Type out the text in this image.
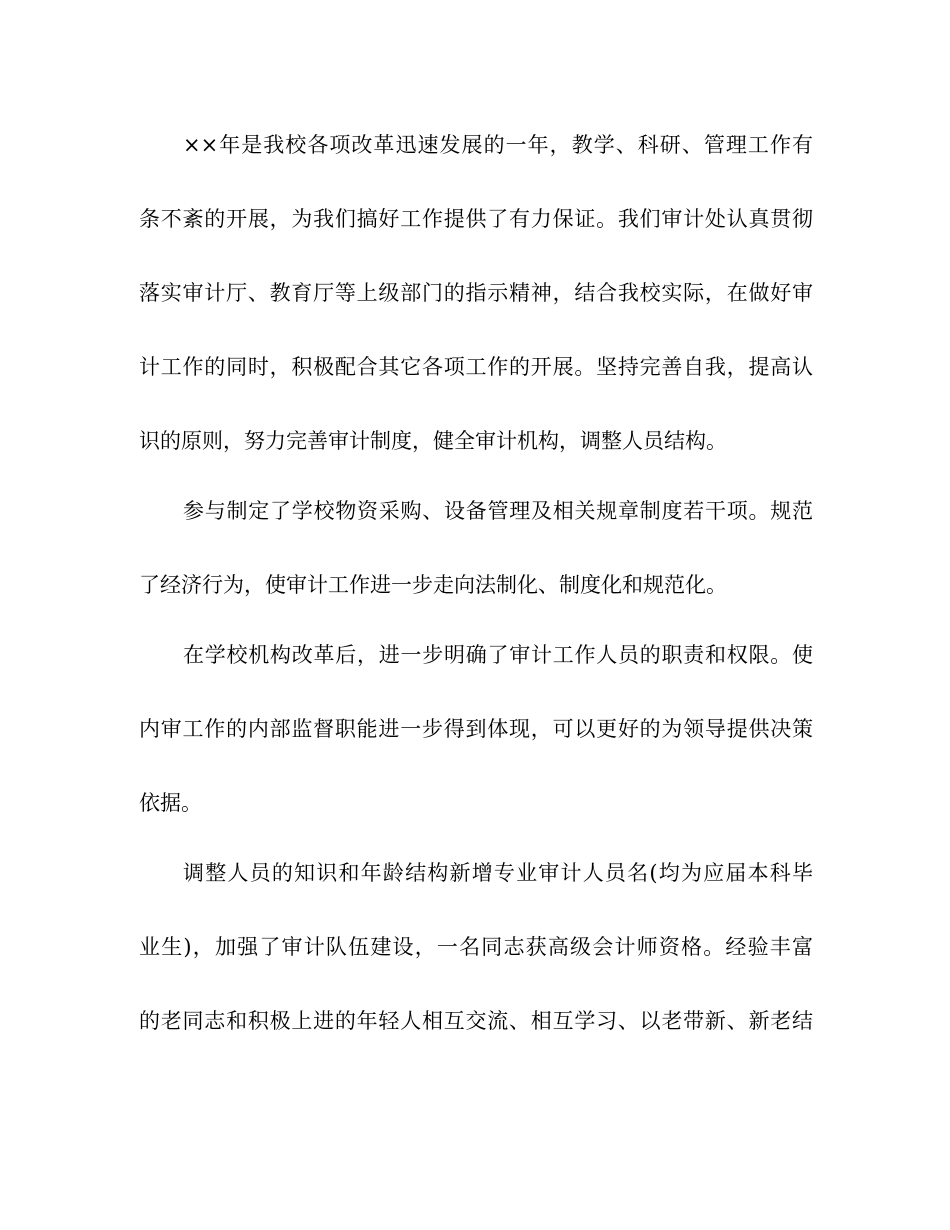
××年是我校各项改革迅速发展的一年，教学、科研、管理工作有
条不紊的开展，为我们搞好工作提供了有力保证。我们审计处认真贯彻
落实审计厅、教育厅等上级部门的指示精神，结合我校实际，在做好审
计工作的同时，积极配合其它各项工作的开展。坚持完善自我，提高认
识的原则，努力完善审计制度，健全审计机构，调整人员结构。
参与制定了学校物资采购、设备管理及相关规章制度若干项。规范
了经济行为，使审计工作进一步走向法制化、制度化和规范化。
在学校机构改革后，进一步明确了审计工作人员的职责和权限。使
内审工作的内部监督职能进一步得到体现，可以更好的为领导提供决策
依据。
调整人员的知识和年龄结构新增专业审计人员名(均为应届本科毕
业生)，加强了审计队伍建设，一名同志获高级会计师资格。经验丰富
的老同志和积极上进的年轻人相互交流、相互学习、以老带新、新老结
